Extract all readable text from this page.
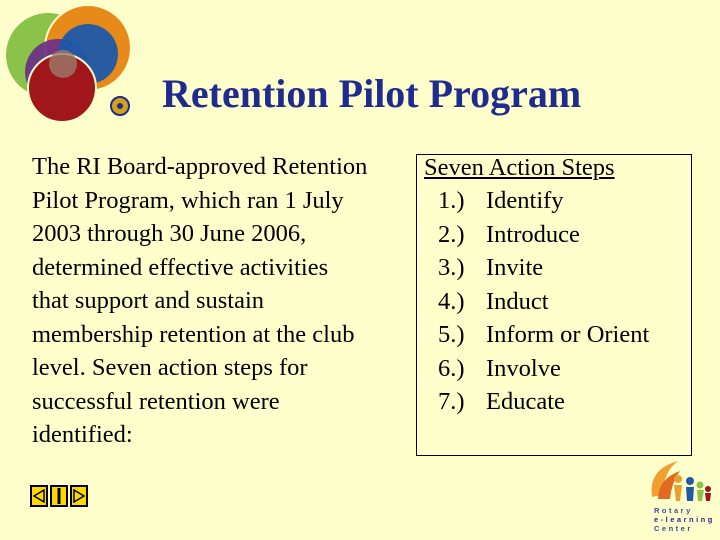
Retention Pilot Program
The RI Board-approved Retention
Pilot Program, which ran 1 July
2003 through 30 June 2006,
determined effective activities
that support and sustain
membership retention at the club
level. Seven action steps for
successful retention were
identified:
Seven Action Steps
1.) Identify
2.) Introduce
3.) Invite
4.) Induct
5.) Inform or Orient
6.) Involve
7.) Educate
Rotary
e-learning
Center
